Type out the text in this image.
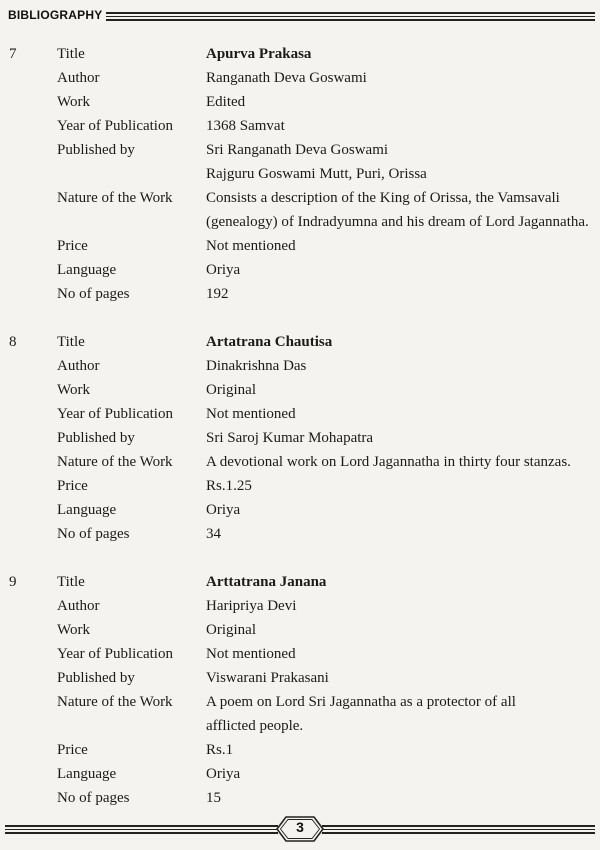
BIBLIOGRAPHY
7	Title	Apurva Prakasa
Author	Ranganath Deva Goswami
Work	Edited
Year of Publication	1368 Samvat
Published by	Sri Ranganath Deva Goswami
Rajguru Goswami Mutt, Puri, Orissa
Nature of the Work	Consists a description of the King of Orissa, the Vamsavali
(genealogy) of Indradyumna and his dream of Lord Jagannatha.
Price	Not mentioned
Language	Oriya
No of pages	192
8	Title	Artatrana Chautisa
Author	Dinakrishna Das
Work	Original
Year of Publication	Not mentioned
Published by	Sri Saroj Kumar Mohapatra
Nature of the Work	A devotional work on Lord Jagannatha in thirty four stanzas.
Price	Rs.1.25
Language	Oriya
No of pages	34
9	Title	Arttatrana Janana
Author	Haripriya Devi
Work	Original
Year of Publication	Not mentioned
Published by	Viswarani Prakasani
Nature of the Work	A poem on Lord Sri Jagannatha as a protector of all
afflicted people.
Price	Rs.1
Language	Oriya
No of pages	15
3
